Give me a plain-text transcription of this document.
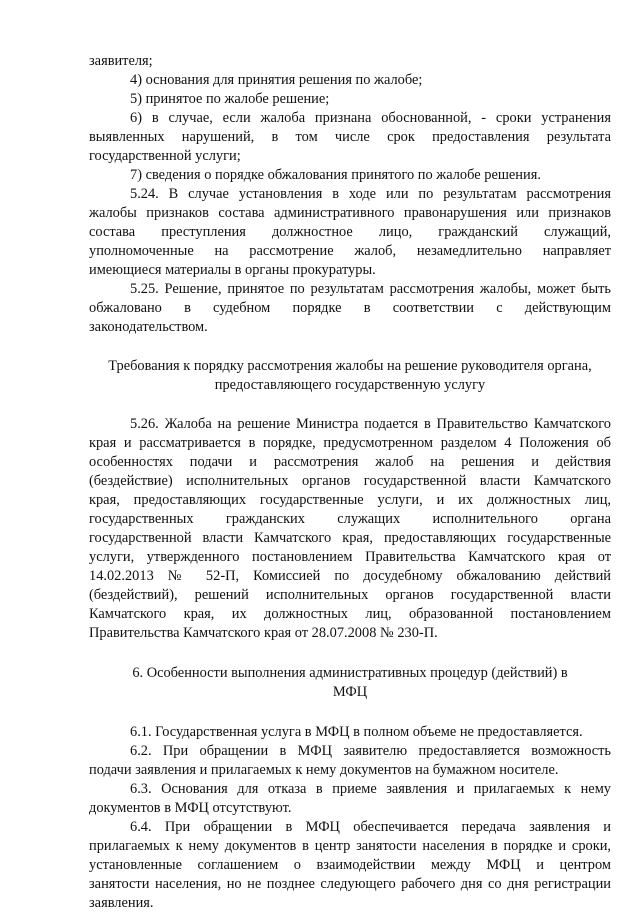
заявителя;
4) основания для принятия решения по жалобе;
5) принятое по жалобе решение;
6) в случае, если жалоба признана обоснованной, - сроки устранения
выявленных нарушений, в том числе срок предоставления результата
государственной услуги;
7) сведения о порядке обжалования принятого по жалобе решения.
5.24. В случае установления в ходе или по результатам рассмотрения
жалобы признаков состава административного правонарушения или признаков
состава преступления должностное лицо, гражданский служащий,
уполномоченные на рассмотрение жалоб, незамедлительно направляет
имеющиеся материалы в органы прокуратуры.
5.25. Решение, принятое по результатам рассмотрения жалобы, может быть
обжаловано в судебном порядке в соответствии с действующим
законодательством.
Требования к порядку рассмотрения жалобы на решение руководителя органа,
предоставляющего государственную услугу
5.26. Жалоба на решение Министра подается в Правительство Камчатского
края и рассматривается в порядке, предусмотренном разделом 4 Положения об
особенностях подачи и рассмотрения жалоб на решения и действия
(бездействие) исполнительных органов государственной власти Камчатского
края, предоставляющих государственные услуги, и их должностных лиц,
государственных гражданских служащих исполнительного органа
государственной власти Камчатского края, предоставляющих государственные
услуги, утвержденного постановлением Правительства Камчатского края от
14.02.2013 № 52-П, Комиссией по досудебному обжалованию действий
(бездействий), решений исполнительных органов государственной власти
Камчатского края, их должностных лиц, образованной постановлением
Правительства Камчатского края от 28.07.2008 № 230-П.
6. Особенности выполнения административных процедур (действий) в
МФЦ
6.1. Государственная услуга в МФЦ в полном объеме не предоставляется.
6.2. При обращении в МФЦ заявителю предоставляется возможность
подачи заявления и прилагаемых к нему документов на бумажном носителе.
6.3. Основания для отказа в приеме заявления и прилагаемых к нему
документов в МФЦ отсутствуют.
6.4. При обращении в МФЦ обеспечивается передача заявления и
прилагаемых к нему документов в центр занятости населения в порядке и сроки,
установленные соглашением о взаимодействии между МФЦ и центром
занятости населения, но не позднее следующего рабочего дня со дня регистрации
заявления.
